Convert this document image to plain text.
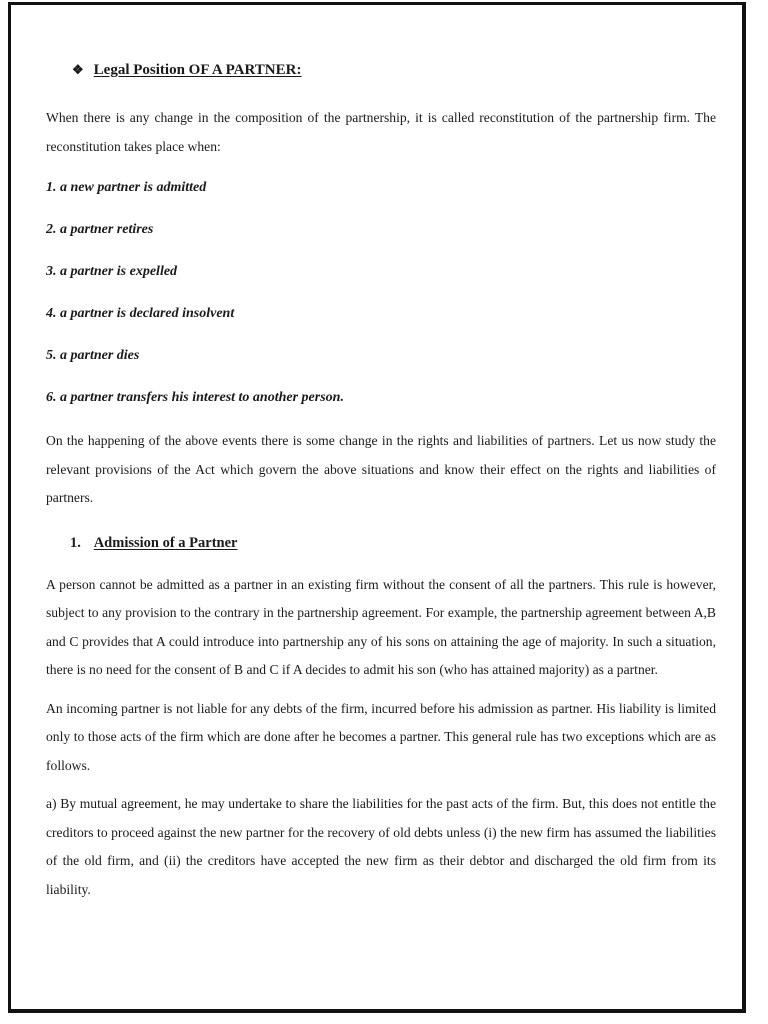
❖ Legal Position OF A PARTNER:

When there is any change in the composition of the partnership, it is called reconstitution of the partnership firm. The reconstitution takes place when:

1. a new partner is admitted
2. a partner retires
3. a partner is expelled
4. a partner is declared insolvent
5. a partner dies
6. a partner transfers his interest to another person.

On the happening of the above events there is some change in the rights and liabilities of partners. Let us now study the relevant provisions of the Act which govern the above situations and know their effect on the rights and liabilities of partners.

1. Admission of a Partner

A person cannot be admitted as a partner in an existing firm without the consent of all the partners. This rule is however, subject to any provision to the contrary in the partnership agreement. For example, the partnership agreement between A,B and C provides that A could introduce into partnership any of his sons on attaining the age of majority. In such a situation, there is no need for the consent of B and C if A decides to admit his son (who has attained majority) as a partner.

An incoming partner is not liable for any debts of the firm, incurred before his admission as partner. His liability is limited only to those acts of the firm which are done after he becomes a partner. This general rule has two exceptions which are as follows.

a) By mutual agreement, he may undertake to share the liabilities for the past acts of the firm. But, this does not entitle the creditors to proceed against the new partner for the recovery of old debts unless (i) the new firm has assumed the liabilities of the old firm, and (ii) the creditors have accepted the new firm as their debtor and discharged the old firm from its liability.
